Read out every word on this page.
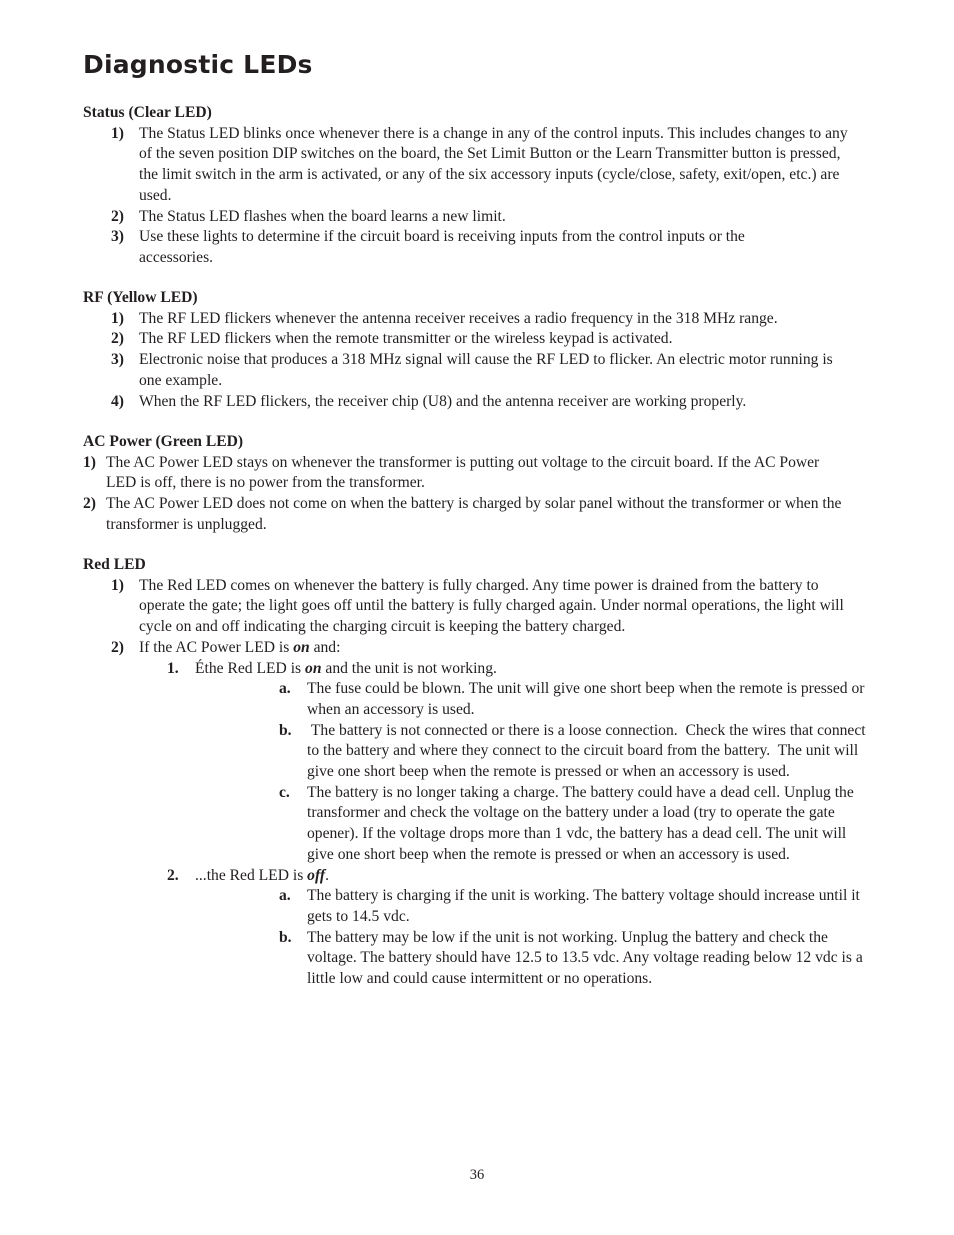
Diagnostic LEDs
Status (Clear LED)
1) The Status LED blinks once whenever there is a change in any of the control inputs. This includes changes to any of the seven position DIP switches on the board, the Set Limit Button or the Learn Transmitter button is pressed, the limit switch in the arm is activated, or any of the six accessory inputs (cycle/close, safety, exit/open, etc.) are used.
2) The Status LED flashes when the board learns a new limit.
3) Use these lights to determine if the circuit board is receiving inputs from the control inputs or the accessories.
RF (Yellow LED)
1) The RF LED flickers whenever the antenna receiver receives a radio frequency in the 318 MHz range.
2) The RF LED flickers when the remote transmitter or the wireless keypad is activated.
3) Electronic noise that produces a 318 MHz signal will cause the RF LED to flicker. An electric motor running is one example.
4) When the RF LED flickers, the receiver chip (U8) and the antenna receiver are working properly.
AC Power (Green LED)
1) The AC Power LED stays on whenever the transformer is putting out voltage to the circuit board. If the AC Power LED is off, there is no power from the transformer.
2) The AC Power LED does not come on when the battery is charged by solar panel without the transformer or when the transformer is unplugged.
Red LED
1) The Red LED comes on whenever the battery is fully charged. Any time power is drained from the battery to operate the gate; the light goes off until the battery is fully charged again. Under normal operations, the light will cycle on and off indicating the charging circuit is keeping the battery charged.
2) If the AC Power LED is on and:
1. Éthe Red LED is on and the unit is not working.
a. The fuse could be blown. The unit will give one short beep when the remote is pressed or when an accessory is used.
b. The battery is not connected or there is a loose connection.  Check the wires that connect to the battery and where they connect to the circuit board from the battery.  The unit will give one short beep when the remote is pressed or when an accessory is used.
c. The battery is no longer taking a charge. The battery could have a dead cell. Unplug the transformer and check the voltage on the battery under a load (try to operate the gate opener). If the voltage drops more than 1 vdc, the battery has a dead cell. The unit will give one short beep when the remote is pressed or when an accessory is used.
2. ...the Red LED is off.
a. The battery is charging if the unit is working. The battery voltage should increase until it gets to 14.5 vdc.
b. The battery may be low if the unit is not working. Unplug the battery and check the voltage. The battery should have 12.5 to 13.5 vdc. Any voltage reading below 12 vdc is a little low and could cause intermittent or no operations.
36
